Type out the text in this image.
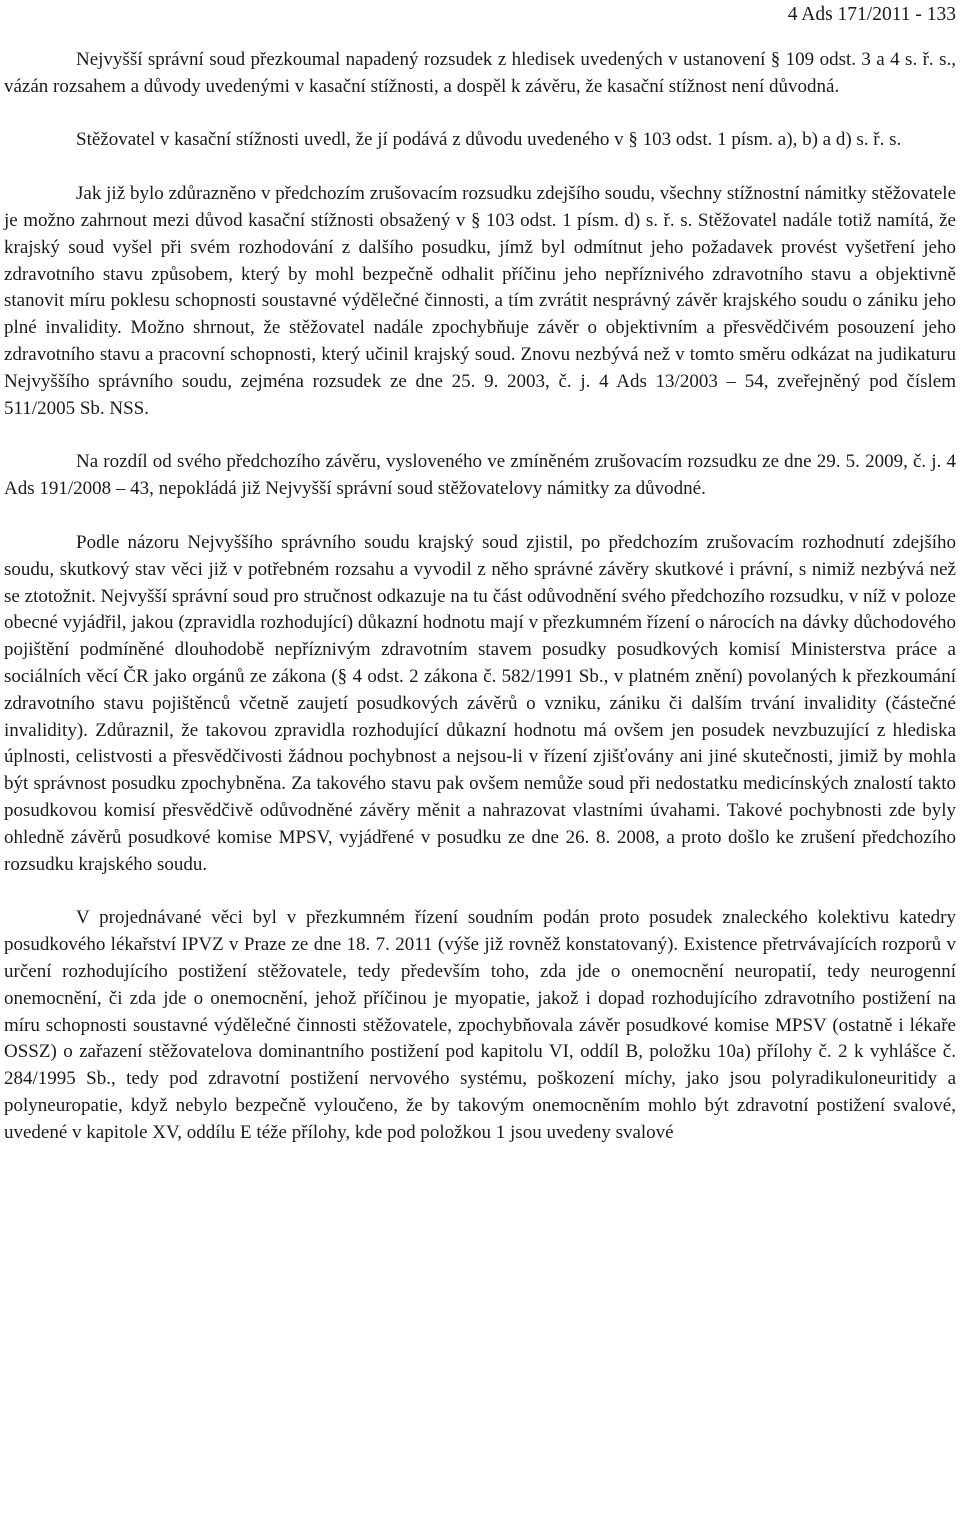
4 Ads 171/2011 - 133

Nejvyšší správní soud přezkoumal napadený rozsudek z hledisek uvedených v ustanovení § 109 odst. 3 a 4 s. ř. s., vázán rozsahem a důvody uvedenými v kasační stížnosti, a dospěl k závěru, že kasační stížnost není důvodná.

Stěžovatel v kasační stížnosti uvedl, že jí podává z důvodu uvedeného v § 103 odst. 1 písm. a), b) a d) s. ř. s.

Jak již bylo zdůrazněno v předchozím zrušovacím rozsudku zdejšího soudu, všechny stížnostní námitky stěžovatele je možno zahrnout mezi důvod kasační stížnosti obsažený v § 103 odst. 1 písm. d) s. ř. s. Stěžovatel nadále totiž namítá, že krajský soud vyšel při svém rozhodování z dalšího posudku, jímž byl odmítnut jeho požadavek provést vyšetření jeho zdravotního stavu způsobem, který by mohl bezpečně odhalit příčinu jeho nepříznivého zdravotního stavu a objektivně stanovit míru poklesu schopnosti soustavné výdělečné činnosti, a tím zvrátit nesprávný závěr krajského soudu o zániku jeho plné invalidity. Možno shrnout, že stěžovatel nadále zpochybňuje závěr o objektivním a přesvědčivém posouzení jeho zdravotního stavu a pracovní schopnosti, který učinil krajský soud. Znovu nezbývá než v tomto směru odkázat na judikaturu Nejvyššího správního soudu, zejména rozsudek ze dne 25. 9. 2003, č. j. 4 Ads 13/2003 – 54, zveřejněný pod číslem 511/2005 Sb. NSS.

Na rozdíl od svého předchozího závěru, vysloveného ve zmíněném zrušovacím rozsudku ze dne 29. 5. 2009, č. j. 4 Ads 191/2008 – 43, nepokládá již Nejvyšší správní soud stěžovatelovy námitky za důvodné.

Podle názoru Nejvyššího správního soudu krajský soud zjistil, po předchozím zrušovacím rozhodnutí zdejšího soudu, skutkový stav věci již v potřebném rozsahu a vyvodil z něho správné závěry skutkové i právní, s nimiž nezbývá než se ztotožnit. Nejvyšší správní soud pro stručnost odkazuje na tu část odůvodnění svého předchozího rozsudku, v níž v poloze obecné vyjádřil, jakou (zpravidla rozhodující) důkazní hodnotu mají v přezkumném řízení o nárocích na dávky důchodového pojištění podmíněné dlouhodobě nepříznivým zdravotním stavem posudky posudkových komisí Ministerstva práce a sociálních věcí ČR jako orgánů ze zákona (§ 4 odst. 2 zákona č. 582/1991 Sb., v platném znění) povolaných k přezkoumání zdravotního stavu pojištěnců včetně zaujetí posudkových závěrů o vzniku, zániku či dalším trvání invalidity (částečné invalidity). Zdůraznil, že takovou zpravidla rozhodující důkazní hodnotu má ovšem jen posudek nevzbuzující z hlediska úplnosti, celistvosti a přesvědčivosti žádnou pochybnost a nejsou-li v řízení zjišťovány ani jiné skutečnosti, jimiž by mohla být správnost posudku zpochybněna. Za takového stavu pak ovšem nemůže soud při nedostatku medicínských znalostí takto posudkovou komisí přesvědčivě odůvodněné závěry měnit a nahrazovat vlastními úvahami. Takové pochybnosti zde byly ohledně závěrů posudkové komise MPSV, vyjádřené v posudku ze dne 26. 8. 2008, a proto došlo ke zrušení předchozího rozsudku krajského soudu.

V projednávané věci byl v přezkumném řízení soudním podán proto posudek znaleckého kolektivu katedry posudkového lékařství IPVZ v Praze ze dne 18. 7. 2011 (výše již rovněž konstatovaný). Existence přetrvávajících rozporů v určení rozhodujícího postižení stěžovatele, tedy především toho, zda jde o onemocnění neuropatií, tedy neurogenní onemocnění, či zda jde o onemocnění, jehož příčinou je myopatie, jakož i dopad rozhodujícího zdravotního postižení na míru schopnosti soustavné výdělečné činnosti stěžovatele, zpochybňovala závěr posudkové komise MPSV (ostatně i lékaře OSSZ) o zařazení stěžovatelova dominantního postižení pod kapitolu VI, oddíl B, položku 10a) přílohy č. 2 k vyhlášce č. 284/1995 Sb., tedy pod zdravotní postižení nervového systému, poškození míchy, jako jsou polyradikuloneuritidy a polyneuropatie, když nebylo bezpečně vyloučeno, že by takovým onemocněním mohlo být zdravotní postižení svalové, uvedené v kapitole XV, oddílu E téže přílohy, kde pod položkou 1 jsou uvedeny svalové
